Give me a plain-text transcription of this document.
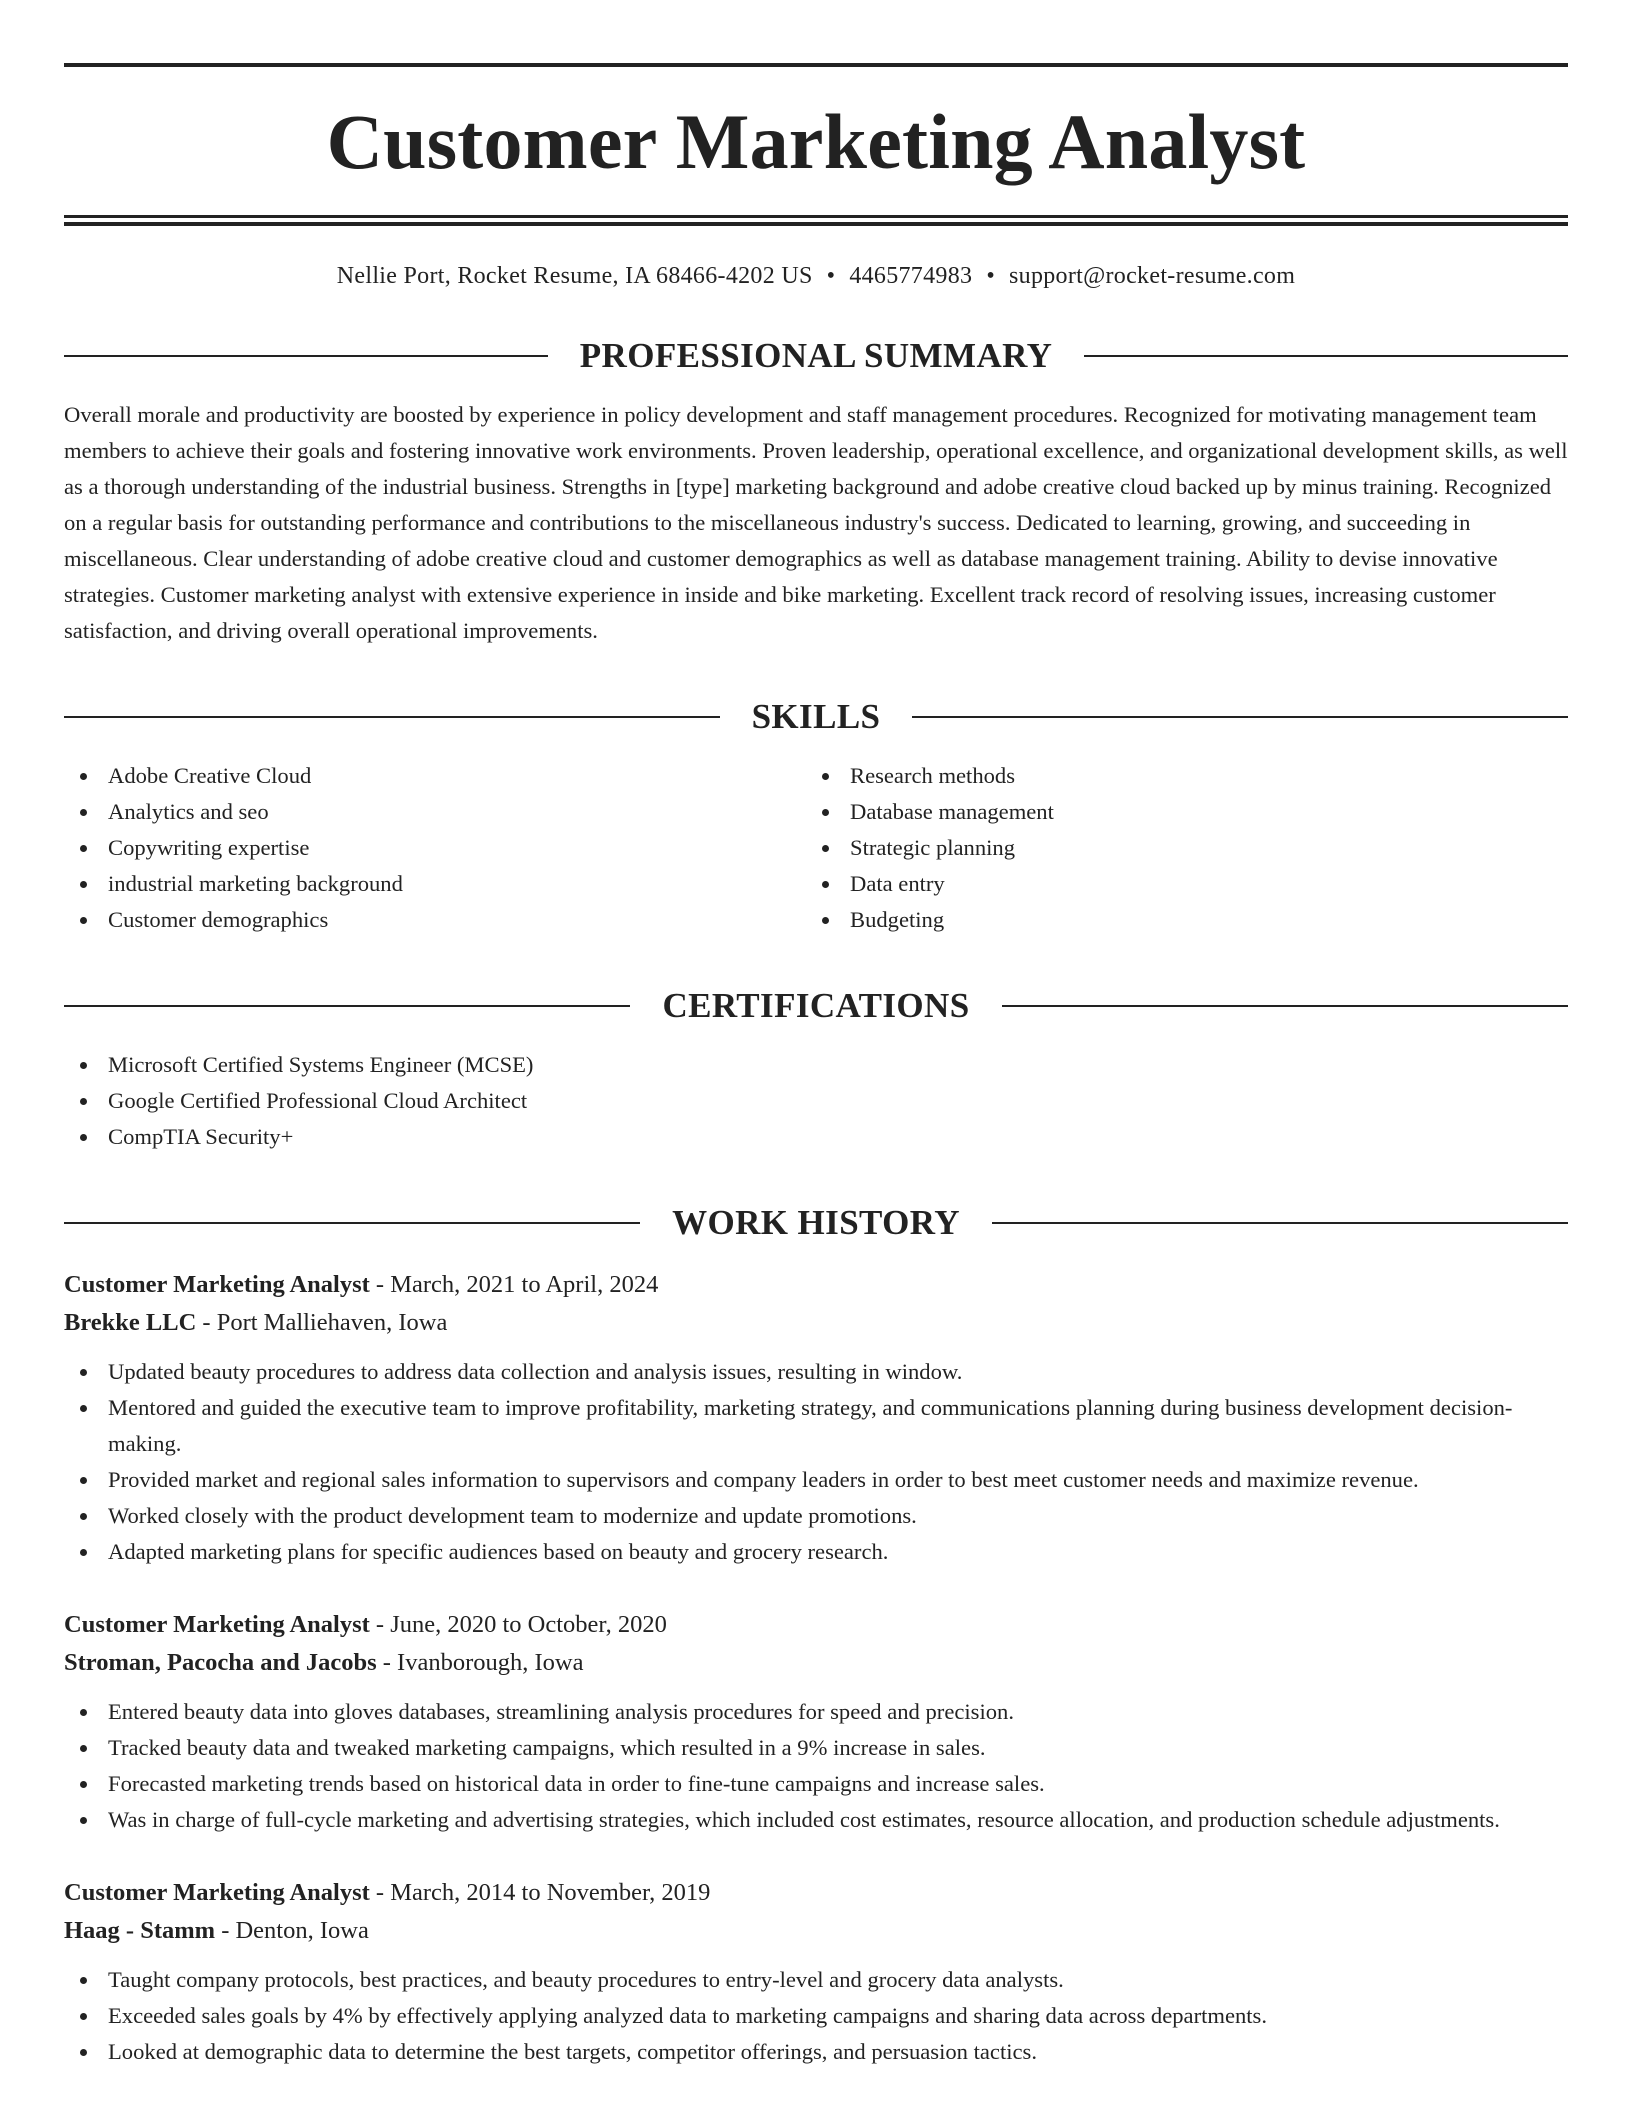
Customer Marketing Analyst
Nellie Port, Rocket Resume, IA 68466-4202 US • 4465774983 • support@rocket-resume.com
PROFESSIONAL SUMMARY

Overall morale and productivity are boosted by experience in policy development and staff management procedures. Recognized for motivating management team members to achieve their goals and fostering innovative work environments. Proven leadership, operational excellence, and organizational development skills, as well as a thorough understanding of the industrial business. Strengths in [type] marketing background and adobe creative cloud backed up by minus training. Recognized on a regular basis for outstanding performance and contributions to the miscellaneous industry's success. Dedicated to learning, growing, and succeeding in miscellaneous. Clear understanding of adobe creative cloud and customer demographics as well as database management training. Ability to devise innovative strategies. Customer marketing analyst with extensive experience in inside and bike marketing. Excellent track record of resolving issues, increasing customer satisfaction, and driving overall operational improvements.

SKILLS
Adobe Creative Cloud
Analytics and seo
Copywriting expertise
industrial marketing background
Customer demographics
Research methods
Database management
Strategic planning
Data entry
Budgeting
CERTIFICATIONS
Microsoft Certified Systems Engineer (MCSE)
Google Certified Professional Cloud Architect
CompTIA Security+
WORK HISTORY
Customer Marketing Analyst - March, 2021 to April, 2024
Brekke LLC - Port Malliehaven, Iowa
Updated beauty procedures to address data collection and analysis issues, resulting in window.
Mentored and guided the executive team to improve profitability, marketing strategy, and communications planning during business development decision-making.
Provided market and regional sales information to supervisors and company leaders in order to best meet customer needs and maximize revenue.
Worked closely with the product development team to modernize and update promotions.
Adapted marketing plans for specific audiences based on beauty and grocery research.
Customer Marketing Analyst - June, 2020 to October, 2020
Stroman, Pacocha and Jacobs - Ivanborough, Iowa
Entered beauty data into gloves databases, streamlining analysis procedures for speed and precision.
Tracked beauty data and tweaked marketing campaigns, which resulted in a 9% increase in sales.
Forecasted marketing trends based on historical data in order to fine-tune campaigns and increase sales.
Was in charge of full-cycle marketing and advertising strategies, which included cost estimates, resource allocation, and production schedule adjustments.
Customer Marketing Analyst - March, 2014 to November, 2019
Haag - Stamm - Denton, Iowa
Taught company protocols, best practices, and beauty procedures to entry-level and grocery data analysts.
Exceeded sales goals by 4% by effectively applying analyzed data to marketing campaigns and sharing data across departments.
Looked at demographic data to determine the best targets, competitor offerings, and persuasion tactics.
